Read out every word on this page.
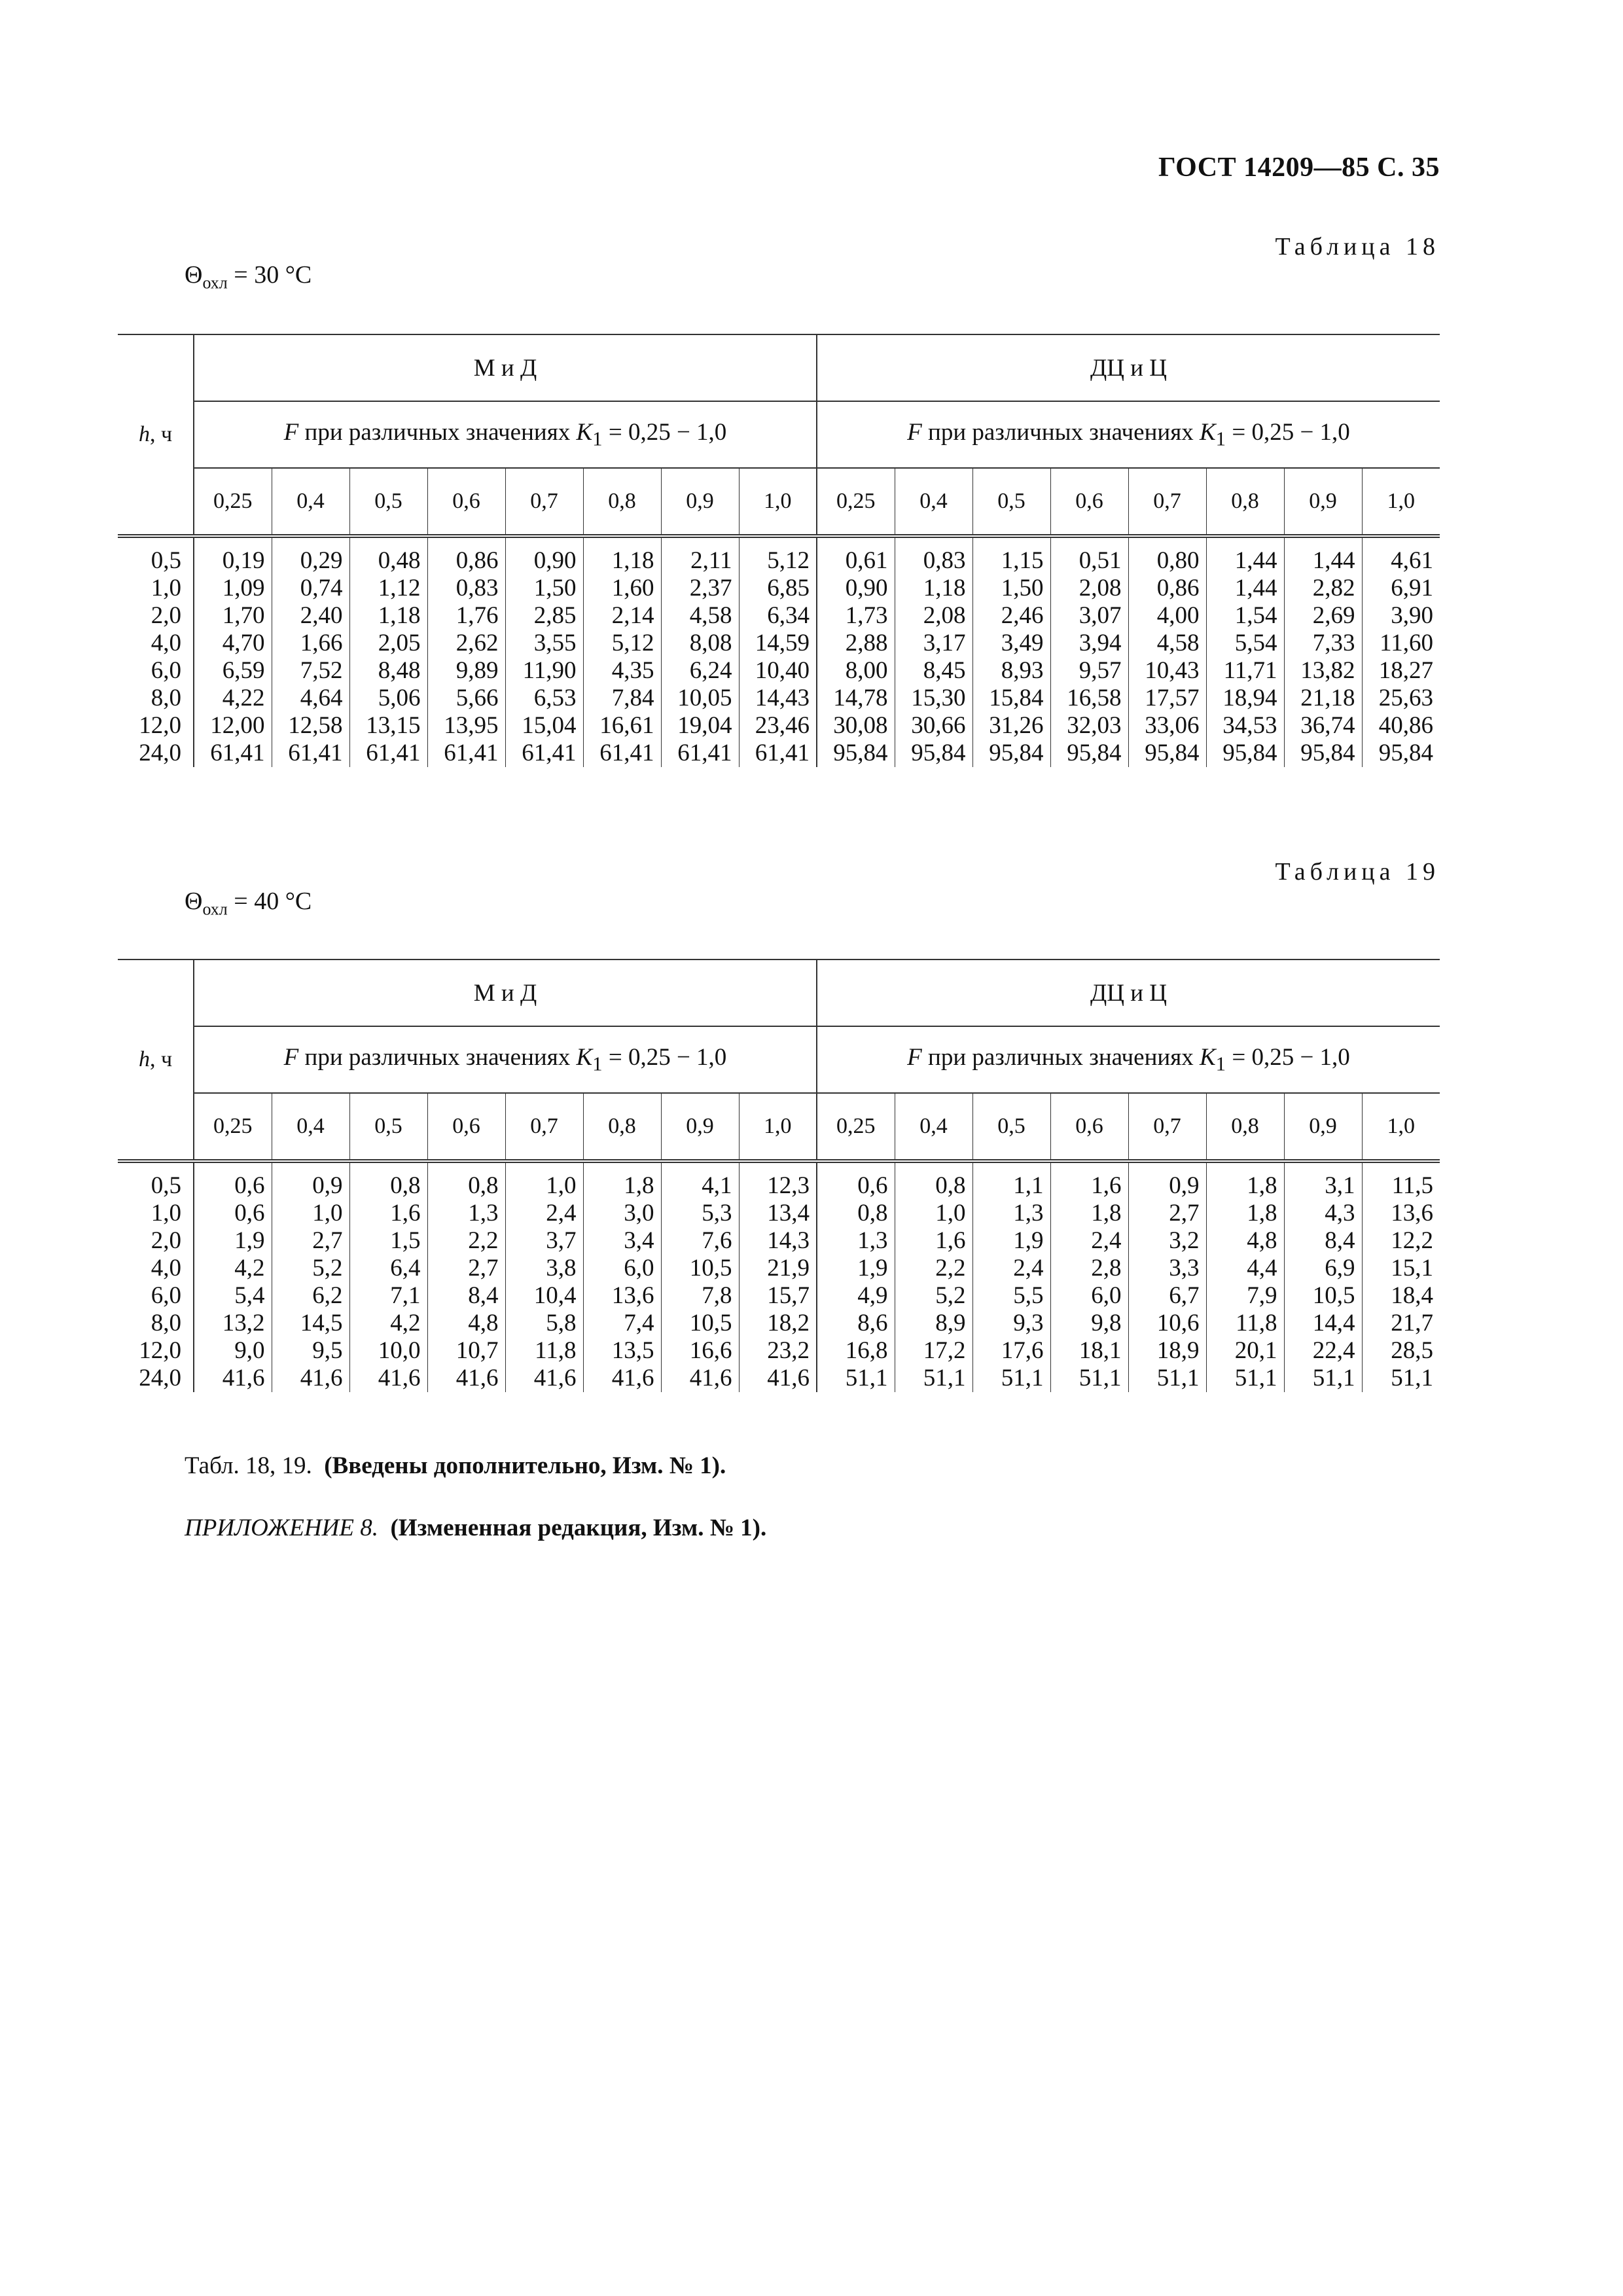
ГОСТ 14209—85 С. 35
Таблица 18
$\Theta_{охл} = 30$ °С
h, ч	М и Д								ДЦ и Ц							
	F при различных значениях $K_1 = 0,25 - 1,0$								F при различных значениях $K_1 = 0,25 - 1,0$							
	0,25	0,4	0,5	0,6	0,7	0,8	0,9	1,0	0,25	0,4	0,5	0,6	0,7	0,8	0,9	1,0
0,5	0,19	0,29	0,48	0,86	0,90	1,18	2,11	5,12	0,61	0,83	1,15	0,51	0,80	1,44	1,44	4,61
1,0	1,09	0,74	1,12	0,83	1,50	1,60	2,37	6,85	0,90	1,18	1,50	2,08	0,86	1,44	2,82	6,91
2,0	1,70	2,40	1,18	1,76	2,85	2,14	4,58	6,34	1,73	2,08	2,46	3,07	4,00	1,54	2,69	3,90
4,0	4,70	1,66	2,05	2,62	3,55	5,12	8,08	14,59	2,88	3,17	3,49	3,94	4,58	5,54	7,33	11,60
6,0	6,59	7,52	8,48	9,89	11,90	4,35	6,24	10,40	8,00	8,45	8,93	9,57	10,43	11,71	13,82	18,27
8,0	4,22	4,64	5,06	5,66	6,53	7,84	10,05	14,43	14,78	15,30	15,84	16,58	17,57	18,94	21,18	25,63
12,0	12,00	12,58	13,15	13,95	15,04	16,61	19,04	23,46	30,08	30,66	31,26	32,03	33,06	34,53	36,74	40,86
24,0	61,41	61,41	61,41	61,41	61,41	61,41	61,41	61,41	95,84	95,84	95,84	95,84	95,84	95,84	95,84	95,84
Таблица 19
$\Theta_{охл} = 40$ °С
h, ч	М и Д								ДЦ и Ц							
	F при различных значениях $K_1 = 0,25 - 1,0$								F при различных значениях $K_1 = 0,25 - 1,0$							
	0,25	0,4	0,5	0,6	0,7	0,8	0,9	1,0	0,25	0,4	0,5	0,6	0,7	0,8	0,9	1,0
0,5	0,6	0,9	0,8	0,8	1,0	1,8	4,1	12,3	0,6	0,8	1,1	1,6	0,9	1,8	3,1	11,5
1,0	0,6	1,0	1,6	1,3	2,4	3,0	5,3	13,4	0,8	1,0	1,3	1,8	2,7	1,8	4,3	13,6
2,0	1,9	2,7	1,5	2,2	3,7	3,4	7,6	14,3	1,3	1,6	1,9	2,4	3,2	4,8	8,4	12,2
4,0	4,2	5,2	6,4	2,7	3,8	6,0	10,5	21,9	1,9	2,2	2,4	2,8	3,3	4,4	6,9	15,1
6,0	5,4	6,2	7,1	8,4	10,4	13,6	7,8	15,7	4,9	5,2	5,5	6,0	6,7	7,9	10,5	18,4
8,0	13,2	14,5	4,2	4,8	5,8	7,4	10,5	18,2	8,6	8,9	9,3	9,8	10,6	11,8	14,4	21,7
12,0	9,0	9,5	10,0	10,7	11,8	13,5	16,6	23,2	16,8	17,2	17,6	18,1	18,9	20,1	22,4	28,5
24,0	41,6	41,6	41,6	41,6	41,6	41,6	41,6	41,6	51,1	51,1	51,1	51,1	51,1	51,1	51,1	51,1
Табл. 18, 19. (Введены дополнительно, Изм. № 1).
ПРИЛОЖЕНИЕ 8. (Измененная редакция, Изм. № 1).
